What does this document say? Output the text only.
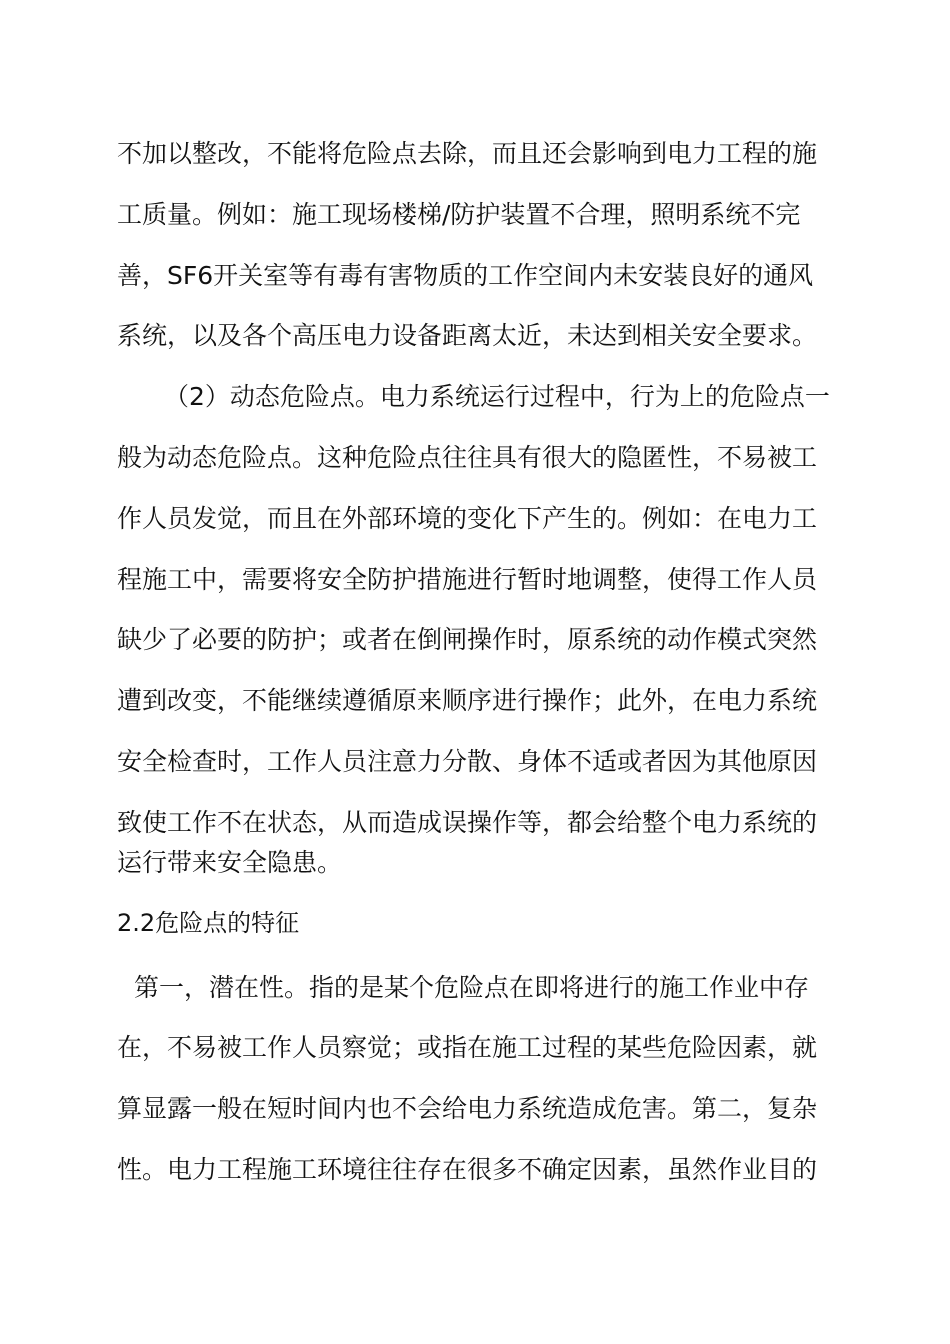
不加以整改，不能将危险点去除，而且还会影响到电力工程的施
工质量。例如：施工现场楼梯/防护装置不合理，照明系统不完
善，SF6开关室等有毒有害物质的工作空间内未安装良好的通风
系统，以及各个高压电力设备距离太近，未达到相关安全要求。
（2）动态危险点。电力系统运行过程中，行为上的危险点一
般为动态危险点。这种危险点往往具有很大的隐匿性，不易被工
作人员发觉，而且在外部环境的变化下产生的。例如：在电力工
程施工中，需要将安全防护措施进行暂时地调整，使得工作人员
缺少了必要的防护；或者在倒闸操作时，原系统的动作模式突然
遭到改变，不能继续遵循原来顺序进行操作；此外，在电力系统
安全检查时，工作人员注意力分散、身体不适或者因为其他原因
致使工作不在状态，从而造成误操作等，都会给整个电力系统的
运行带来安全隐患。
2.2危险点的特征
第一，潜在性。指的是某个危险点在即将进行的施工作业中存
在，不易被工作人员察觉；或指在施工过程的某些危险因素，就
算显露一般在短时间内也不会给电力系统造成危害。第二，复杂
性。电力工程施工环境往往存在很多不确定因素，虽然作业目的
